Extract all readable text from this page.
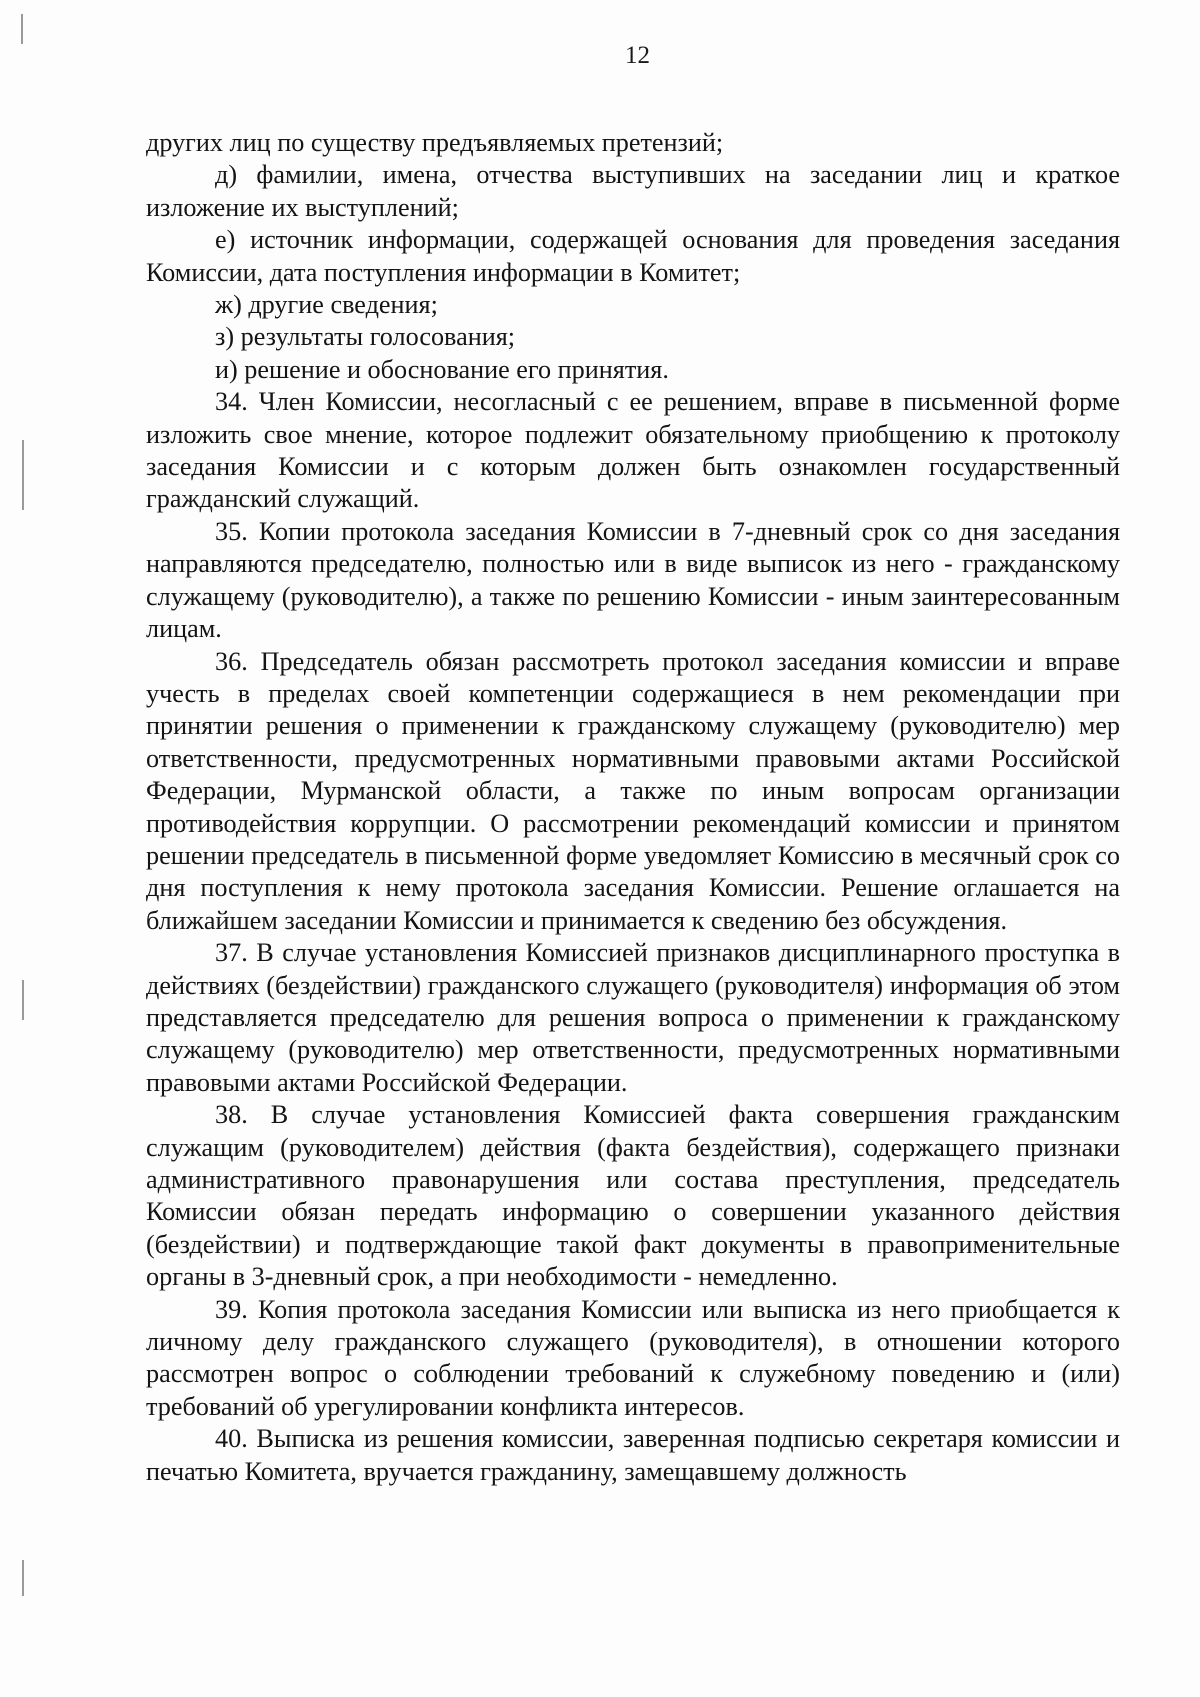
12

других лиц по существу предъявляемых претензий;

д) фамилии, имена, отчества выступивших на заседании лиц и краткое изложение их выступлений;

е) источник информации, содержащей основания для проведения заседания Комиссии, дата поступления информации в Комитет;

ж) другие сведения;

з) результаты голосования;

и) решение и обоснование его принятия.

34. Член Комиссии, несогласный с ее решением, вправе в письменной форме изложить свое мнение, которое подлежит обязательному приобщению к протоколу заседания Комиссии и с которым должен быть ознакомлен государственный гражданский служащий.

35. Копии протокола заседания Комиссии в 7-дневный срок со дня заседания направляются председателю, полностью или в виде выписок из него - гражданскому служащему (руководителю), а также по решению Комиссии - иным заинтересованным лицам.

36. Председатель обязан рассмотреть протокол заседания комиссии и вправе учесть в пределах своей компетенции содержащиеся в нем рекомендации при принятии решения о применении к гражданскому служащему (руководителю) мер ответственности, предусмотренных нормативными правовыми актами Российской Федерации, Мурманской области, а также по иным вопросам организации противодействия коррупции. О рассмотрении рекомендаций комиссии и принятом решении председатель в письменной форме уведомляет Комиссию в месячный срок со дня поступления к нему протокола заседания Комиссии. Решение оглашается на ближайшем заседании Комиссии и принимается к сведению без обсуждения.

37. В случае установления Комиссией признаков дисциплинарного проступка в действиях (бездействии) гражданского служащего (руководителя) информация об этом представляется председателю для решения вопроса о применении к гражданскому служащему (руководителю) мер ответственности, предусмотренных нормативными правовыми актами Российской Федерации.

38. В случае установления Комиссией факта совершения гражданским служащим (руководителем) действия (факта бездействия), содержащего признаки административного правонарушения или состава преступления, председатель Комиссии обязан передать информацию о совершении указанного действия (бездействии) и подтверждающие такой факт документы в правоприменительные органы в 3-дневный срок, а при необходимости - немедленно.

39. Копия протокола заседания Комиссии или выписка из него приобщается к личному делу гражданского служащего (руководителя), в отношении которого рассмотрен вопрос о соблюдении требований к служебному поведению и (или) требований об урегулировании конфликта интересов.

40. Выписка из решения комиссии, заверенная подписью секретаря комиссии и печатью Комитета, вручается гражданину, замещавшему должность
